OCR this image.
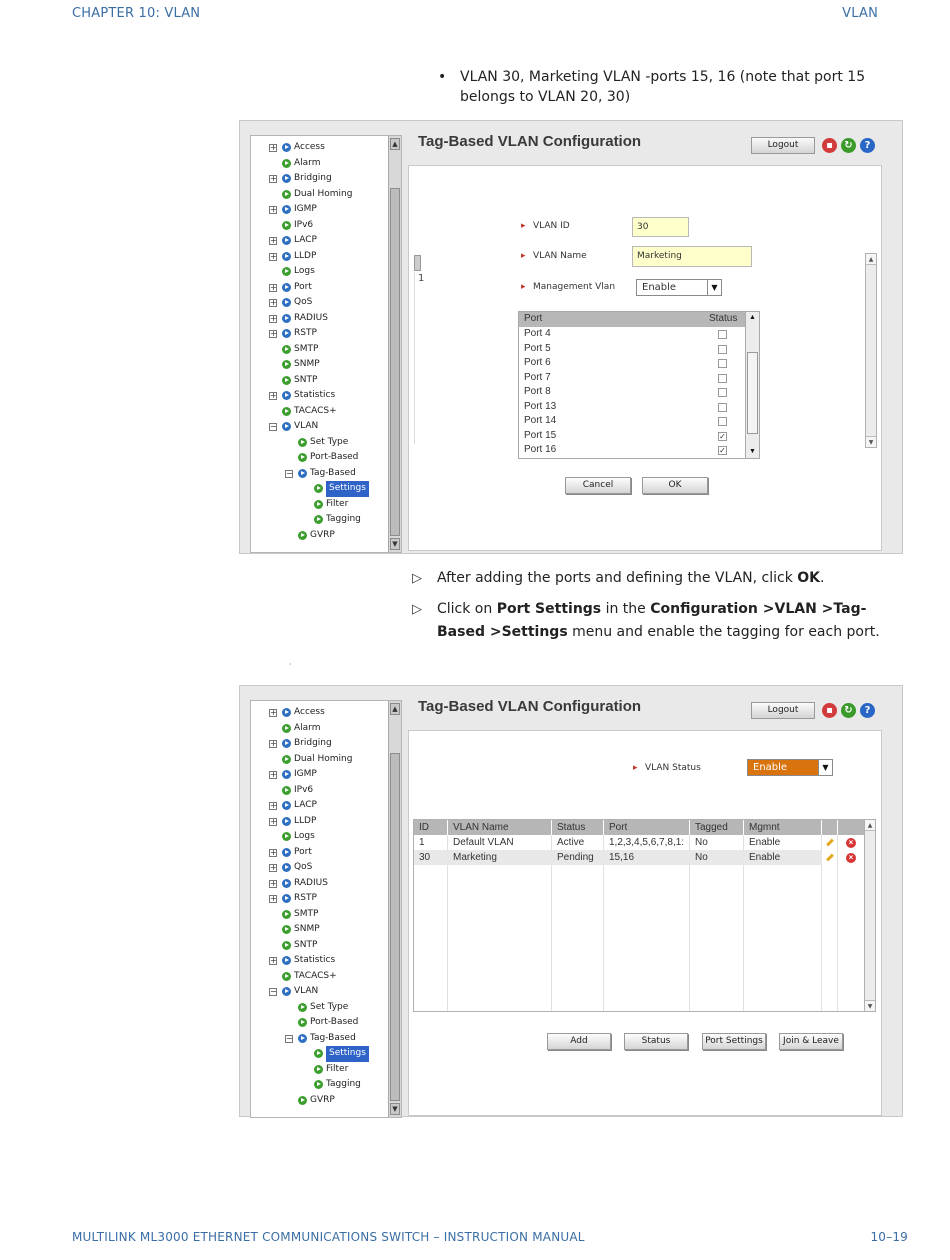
CHAPTER 10: VLAN	VLAN
• VLAN 30, Marketing VLAN -ports 15, 16 (note that port 15 belongs to VLAN 20, 30)
+ Access
Alarm
+ Bridging
Dual Homing
+ IGMP
IPv6
+ LACP
+ LLDP
Logs
+ Port
+ QoS
+ RADIUS
+ RSTP
SMTP
SNMP
SNTP
+ Statistics
TACACS+
− VLAN
Set Type
Port-Based
− Tag-Based
Settings
Filter
Tagging
GVRP
▲
▼
Tag-Based VLAN Configuration	Logout	▪	↻	?
1
▸ VLAN ID	30
▸ VLAN Name	Marketing
▸ Management Vlan	Enable	▼
▲
▼
Port	Status
Port 4
Port 5
Port 6
Port 7
Port 8
Port 13
Port 14
Port 15	✓
Port 16	✓
▲
▼
Cancel	OK
▷	After adding the ports and defining the VLAN, click OK.
▷	Click on Port Settings in the Configuration >VLAN >Tag-Based >Settings menu and enable the tagging for each port.
·
+ Access
Alarm
+ Bridging
Dual Homing
+ IGMP
IPv6
+ LACP
+ LLDP
Logs
+ Port
+ QoS
+ RADIUS
+ RSTP
SMTP
SNMP
SNTP
+ Statistics
TACACS+
− VLAN
Set Type
Port-Based
− Tag-Based
Settings
Filter
Tagging
GVRP
▲
▼
Tag-Based VLAN Configuration	Logout	▪	↻	?
▸ VLAN Status	Enable	▼
ID	VLAN Name	Status	Port	Tagged	Mgmnt
1	Default VLAN	Active	1,2,3,4,5,6,7,8,1:	No	Enable	×
30	Marketing	Pending	15,16	No	Enable	×
▲
▼
Add	Status	Port Settings	Join & Leave
MULTILINK ML3000 ETHERNET COMMUNICATIONS SWITCH – INSTRUCTION MANUAL	10–19
